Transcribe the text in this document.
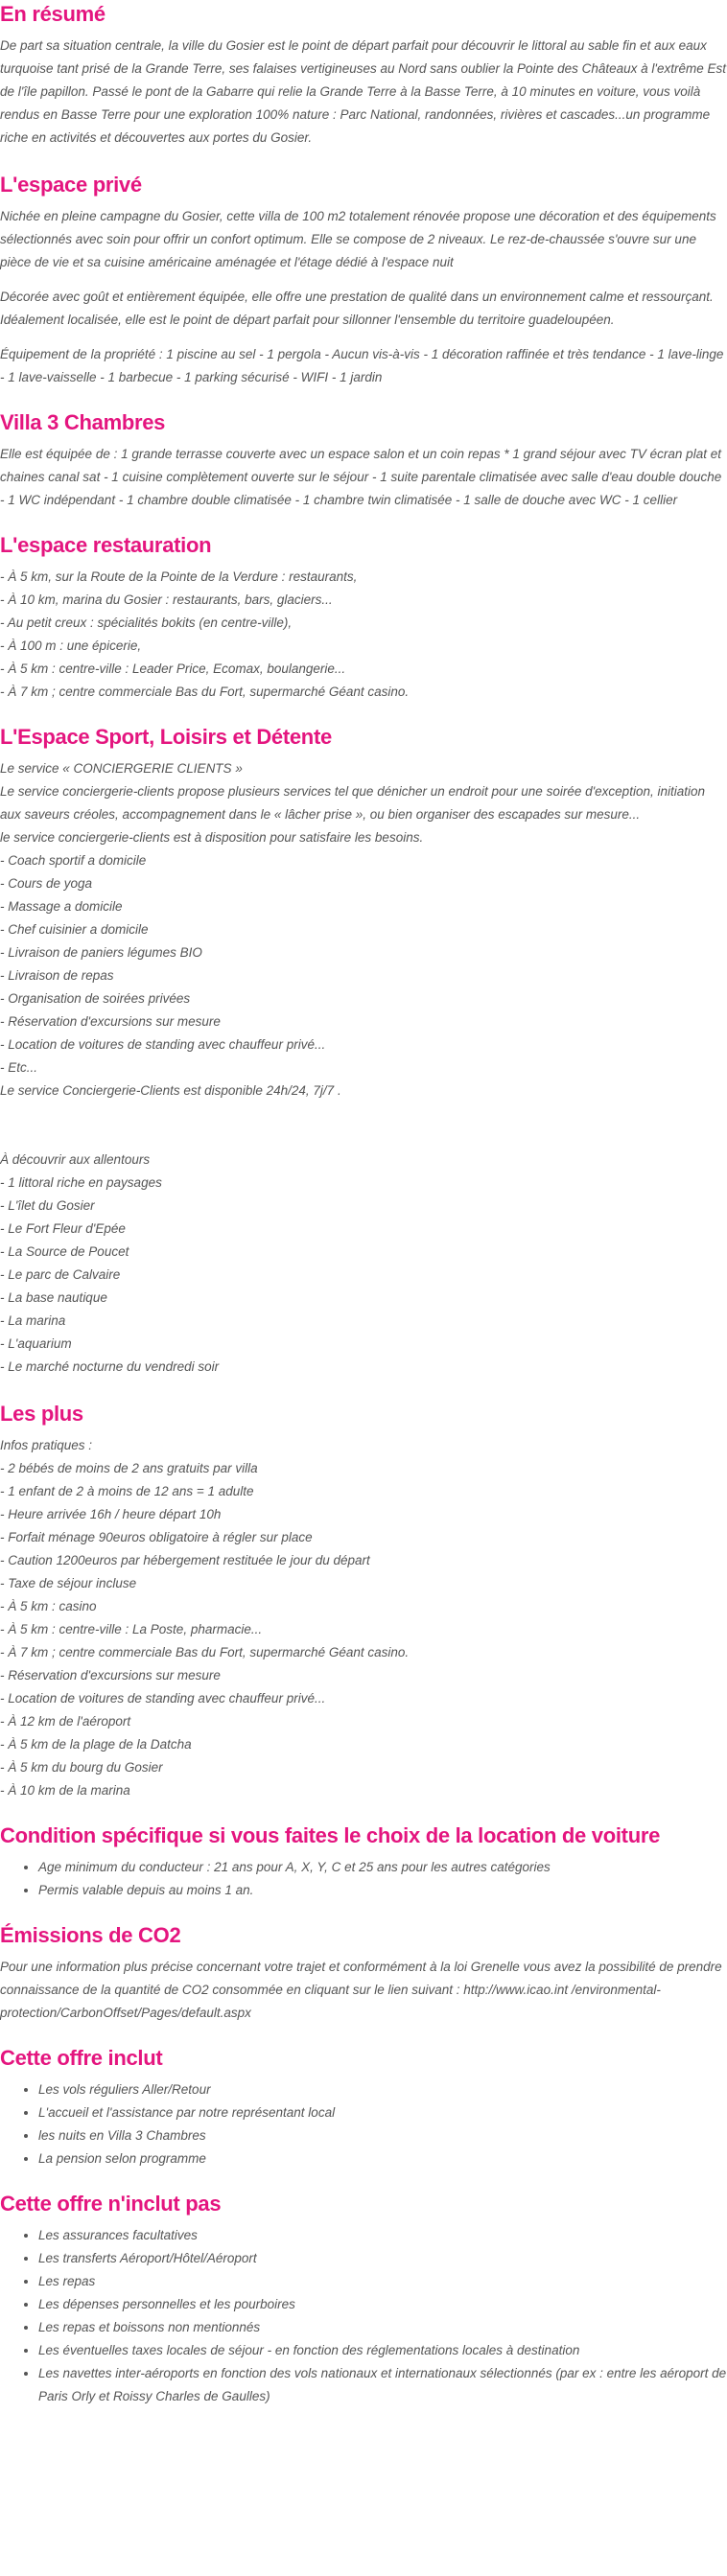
En résumé

De part sa situation centrale, la ville du Gosier est le point de départ parfait pour découvrir le littoral au sable fin et aux eaux turquoise tant prisé de la Grande Terre, ses falaises vertigineuses au Nord sans oublier la Pointe des Châteaux à l'extrême Est de l'île papillon. Passé le pont de la Gabarre qui relie la Grande Terre à la Basse Terre, à 10 minutes en voiture, vous voilà rendus en Basse Terre pour une exploration 100% nature : Parc National, randonnées, rivières et cascades...un programme riche en activités et découvertes aux portes du Gosier.

L'espace privé

Nichée en pleine campagne du Gosier, cette villa de 100 m2 totalement rénovée propose une décoration et des équipements sélectionnés avec soin pour offrir un confort optimum. Elle se compose de 2 niveaux. Le rez-de-chaussée s'ouvre sur une pièce de vie et sa cuisine américaine aménagée et l'étage dédié à l'espace nuit

Décorée avec goût et entièrement équipée, elle offre une prestation de qualité dans un environnement calme et ressourçant. Idéalement localisée, elle est le point de départ parfait pour sillonner l'ensemble du territoire guadeloupéen.

Équipement de la propriété : 1 piscine au sel - 1 pergola - Aucun vis-à-vis - 1 décoration raffinée et très tendance - 1 lave-linge - 1 lave-vaisselle - 1 barbecue - 1 parking sécurisé - WIFI - 1 jardin

Villa 3 Chambres

Elle est équipée de : 1 grande terrasse couverte avec un espace salon et un coin repas * 1 grand séjour avec TV écran plat et chaines canal sat - 1 cuisine complètement ouverte sur le séjour - 1 suite parentale climatisée avec salle d'eau double douche - 1 WC indépendant - 1 chambre double climatisée - 1 chambre twin climatisée - 1 salle de douche avec WC - 1 cellier

L'espace restauration
- À 5 km, sur la Route de la Pointe de la Verdure : restaurants,
- À 10 km, marina du Gosier : restaurants, bars, glaciers...
- Au petit creux : spécialités bokits (en centre-ville),
- À 100 m : une épicerie,
- À 5 km : centre-ville : Leader Price, Ecomax, boulangerie...
- À 7 km ; centre commerciale Bas du Fort, supermarché Géant casino.
L'Espace Sport, Loisirs et Détente
Le service « CONCIERGERIE CLIENTS »
Le service conciergerie-clients propose plusieurs services tel que dénicher un endroit pour une soirée d'exception, initiation aux saveurs créoles, accompagnement dans le « lâcher prise », ou bien organiser des escapades sur mesure...
le service conciergerie-clients est à disposition pour satisfaire les besoins.
- Coach sportif a domicile
- Cours de yoga
- Massage a domicile
- Chef cuisinier a domicile
- Livraison de paniers légumes BIO
- Livraison de repas
- Organisation de soirées privées
- Réservation d'excursions sur mesure
- Location de voitures de standing avec chauffeur privé...
- Etc...
Le service Conciergerie-Clients est disponible 24h/24, 7j/7 .
À découvrir aux allentours
- 1 littoral riche en paysages
- L'îlet du Gosier
- Le Fort Fleur d'Epée
- La Source de Poucet
- Le parc de Calvaire
- La base nautique
- La marina
- L'aquarium
- Le marché nocturne du vendredi soir
Les plus
Infos pratiques :
- 2 bébés de moins de 2 ans gratuits par villa
- 1 enfant de 2 à moins de 12 ans = 1 adulte
- Heure arrivée 16h / heure départ 10h
- Forfait ménage 90euros obligatoire à régler sur place
- Caution 1200euros par hébergement restituée le jour du départ
- Taxe de séjour incluse
- À 5 km : casino
- À 5 km : centre-ville : La Poste, pharmacie...
- À 7 km ; centre commerciale Bas du Fort, supermarché Géant casino.
- Réservation d'excursions sur mesure
- Location de voitures de standing avec chauffeur privé...
- À 12 km de l'aéroport
- À 5 km de la plage de la Datcha
- À 5 km du bourg du Gosier
- À 10 km de la marina
Condition spécifique si vous faites le choix de la location de voiture
• Age minimum du conducteur : 21 ans pour A, X, Y, C et 25 ans pour les autres catégories
• Permis valable depuis au moins 1 an.
Émissions de CO2

Pour une information plus précise concernant votre trajet et conformément à la loi Grenelle vous avez la possibilité de prendre connaissance de la quantité de CO2 consommée en cliquant sur le lien suivant : http://www.icao.int /environmental-protection/CarbonOffset/Pages/default.aspx

Cette offre inclut
• Les vols réguliers Aller/Retour
• L'accueil et l'assistance par notre représentant local
• les nuits en Villa 3 Chambres
• La pension selon programme
Cette offre n'inclut pas
• Les assurances facultatives
• Les transferts Aéroport/Hôtel/Aéroport
• Les repas
• Les dépenses personnelles et les pourboires
• Les repas et boissons non mentionnés
• Les éventuelles taxes locales de séjour - en fonction des réglementations locales à destination
• Les navettes inter-aéroports en fonction des vols nationaux et internationaux sélectionnés (par ex : entre les aéroport de Paris Orly et Roissy Charles de Gaulles)
